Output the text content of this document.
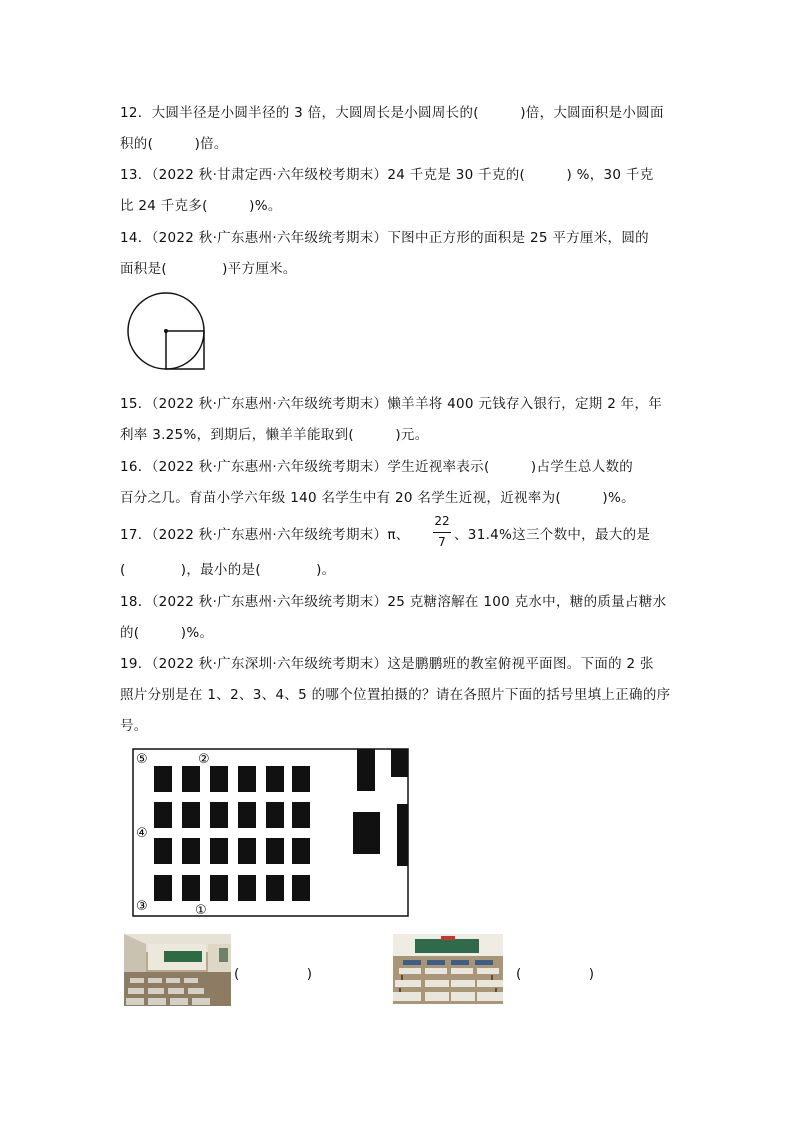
12．大圆半径是小圆半径的 3 倍，大圆周长是小圆周长的(　　　)倍，大圆面积是小圆面
积的(　　　)倍。
13．（2022 秋·甘肃定西·六年级校考期末）24 千克是 30 千克的(　　　) %，30 千克
比 24 千克多(　　　)%。
14．（2022 秋·广东惠州·六年级统考期末）下图中正方形的面积是 25 平方厘米，圆的
面积是(　　　　)平方厘米。
15．（2022 秋·广东惠州·六年级统考期末）懒羊羊将 400 元钱存入银行，定期 2 年，年
利率 3.25%，到期后，懒羊羊能取到(　　　)元。
16．（2022 秋·广东惠州·六年级统考期末）学生近视率表示(　　　)占学生总人数的
百分之几。育苗小学六年级 140 名学生中有 20 名学生近视，近视率为(　　　)%。
17．（2022 秋·广东惠州·六年级统考期末）π、
22
7 、31.4%这三个数中，最大的是
(　　　　)，最小的是(　　　　)。
18．（2022 秋·广东惠州·六年级统考期末）25 克糖溶解在 100 克水中，糖的质量占糖水
的(　　　)%。
19．（2022 秋·广东深圳·六年级统考期末）这是鹏鹏班的教室俯视平面图。下面的 2 张
照片分别是在 1、2、3、4、5 的哪个位置拍摄的？请在各照片下面的括号里填上正确的序
号。
⑤	②
④
③	①
(　　　　　)	(　　　　　)
